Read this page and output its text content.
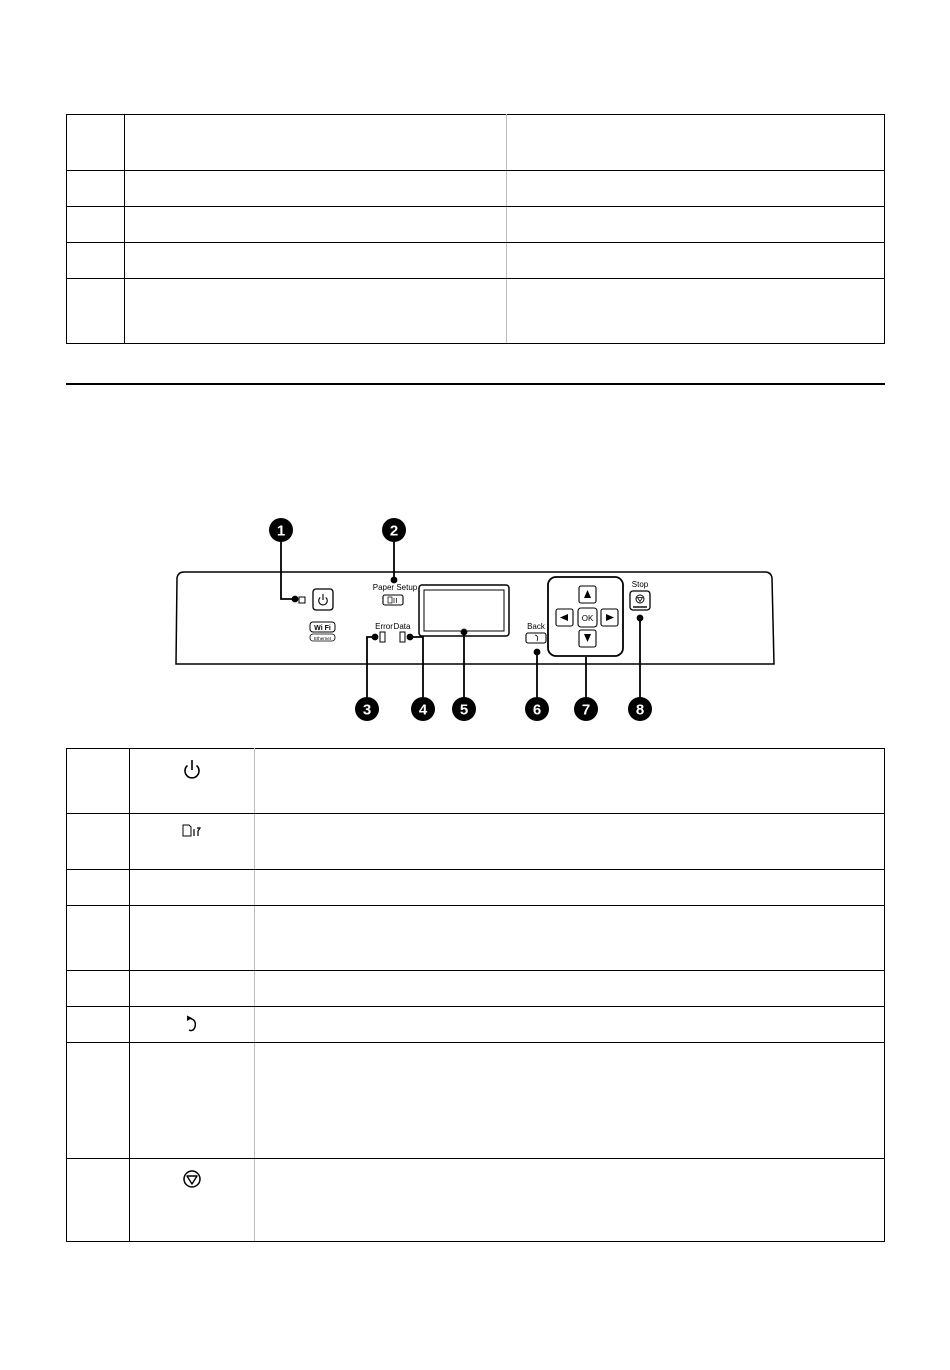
Wi Fi
Ethernet
Paper Setup
Error Data	Back
OK
Stop
1	2
3	4 5	6	7	8
